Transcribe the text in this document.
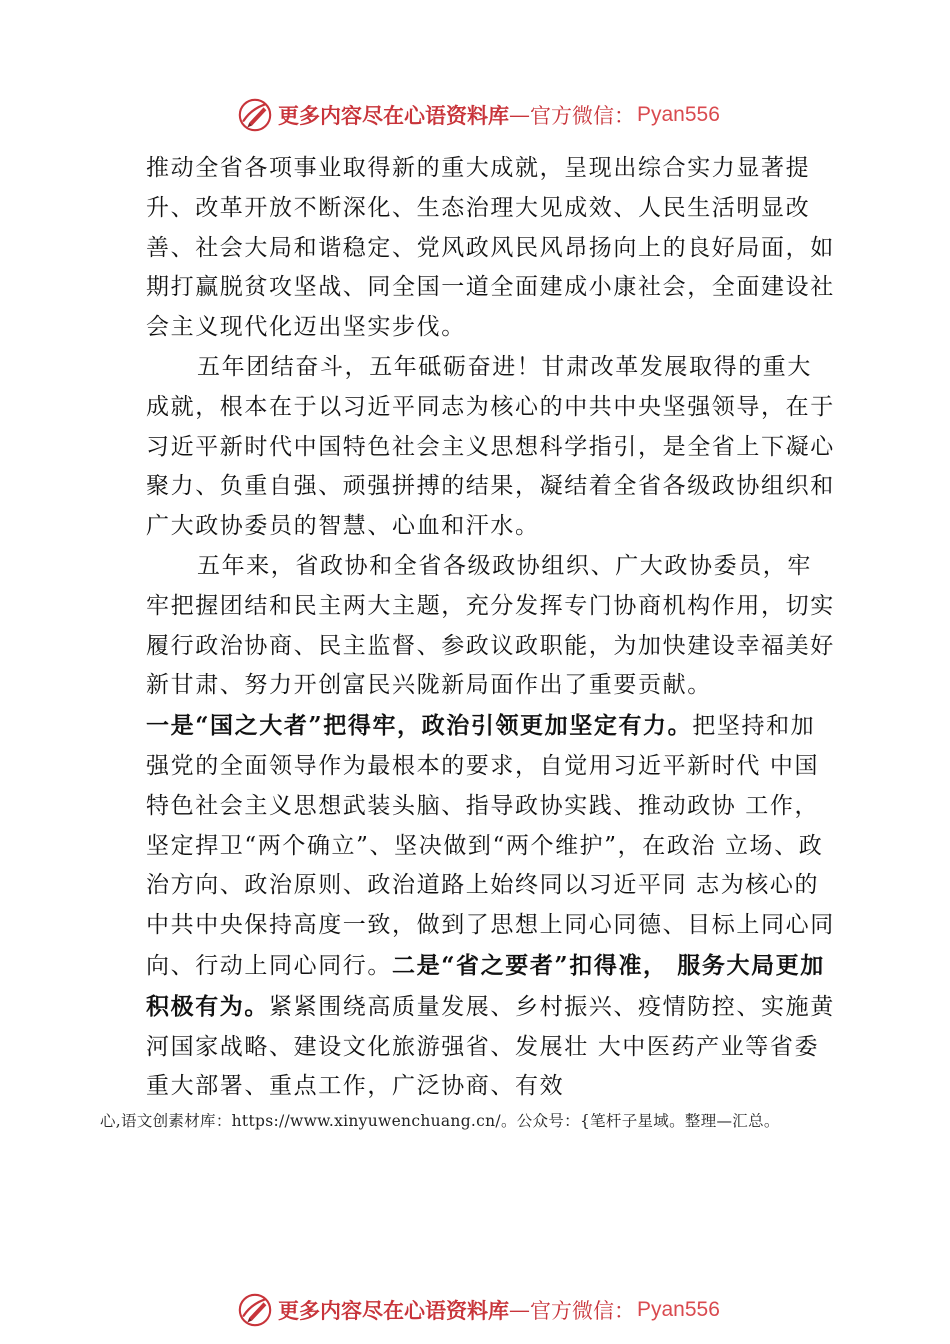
更多内容尽在心语资料库 — 官方微信： Pyan556

推动全省各项事业取得新的重大成就，呈现出综合实力显著提升、改革开放不断深化、生态治理大见成效、人民生活明显改善、社会大局和谐稳定、党风政风民风昂扬向上的良好局面，如期打赢脱贫攻坚战、同全国一道全面建成小康社会，全面建设社会主义现代化迈出坚实步伐。

五年团结奋斗，五年砥砺奋进！甘肃改革发展取得的重大成就，根本在于以习近平同志为核心的中共中央坚强领导，在于习近平新时代中国特色社会主义思想科学指引，是全省上下凝心聚力、负重自强、顽强拼搏的结果，凝结着全省各级政协组织和广大政协委员的智慧、心血和汗水。

五年来，省政协和全省各级政协组织、广大政协委员，牢牢把握团结和民主两大主题，充分发挥专门协商机构作用，切实履行政治协商、民主监督、参政议政职能，为加快建设幸福美好新甘肃、努力开创富民兴陇新局面作出了重要贡献。

一是“国之大者”把得牢，政治引领更加坚定有力。把坚持和加强党的全面领导作为最根本的要求，自觉用习近平新时代 中国特色社会主义思想武装头脑、指导政协实践、推动政协 工作，坚定捍卫“两个确立”、坚决做到“两个维护”，在政治 立场、政治方向、政治原则、政治道路上始终同以习近平同 志为核心的中共中央保持高度一致，做到了思想上同心同德、目标上同心同向、行动上同心同行。二是“省之要者”扣得准， 服务大局更加积极有为。紧紧围绕高质量发展、乡村振兴、疫情防控、实施黄河国家战略、建设文化旅游强省、发展壮 大中医药产业等省委重大部署、重点工作，广泛协商、有效

心,语文创素材库：https://www.xinyuwenchuang.cn/。公众号：{笔杆子星域。整理—汇总。
更多内容尽在心语资料库 — 官方微信： Pyan556
